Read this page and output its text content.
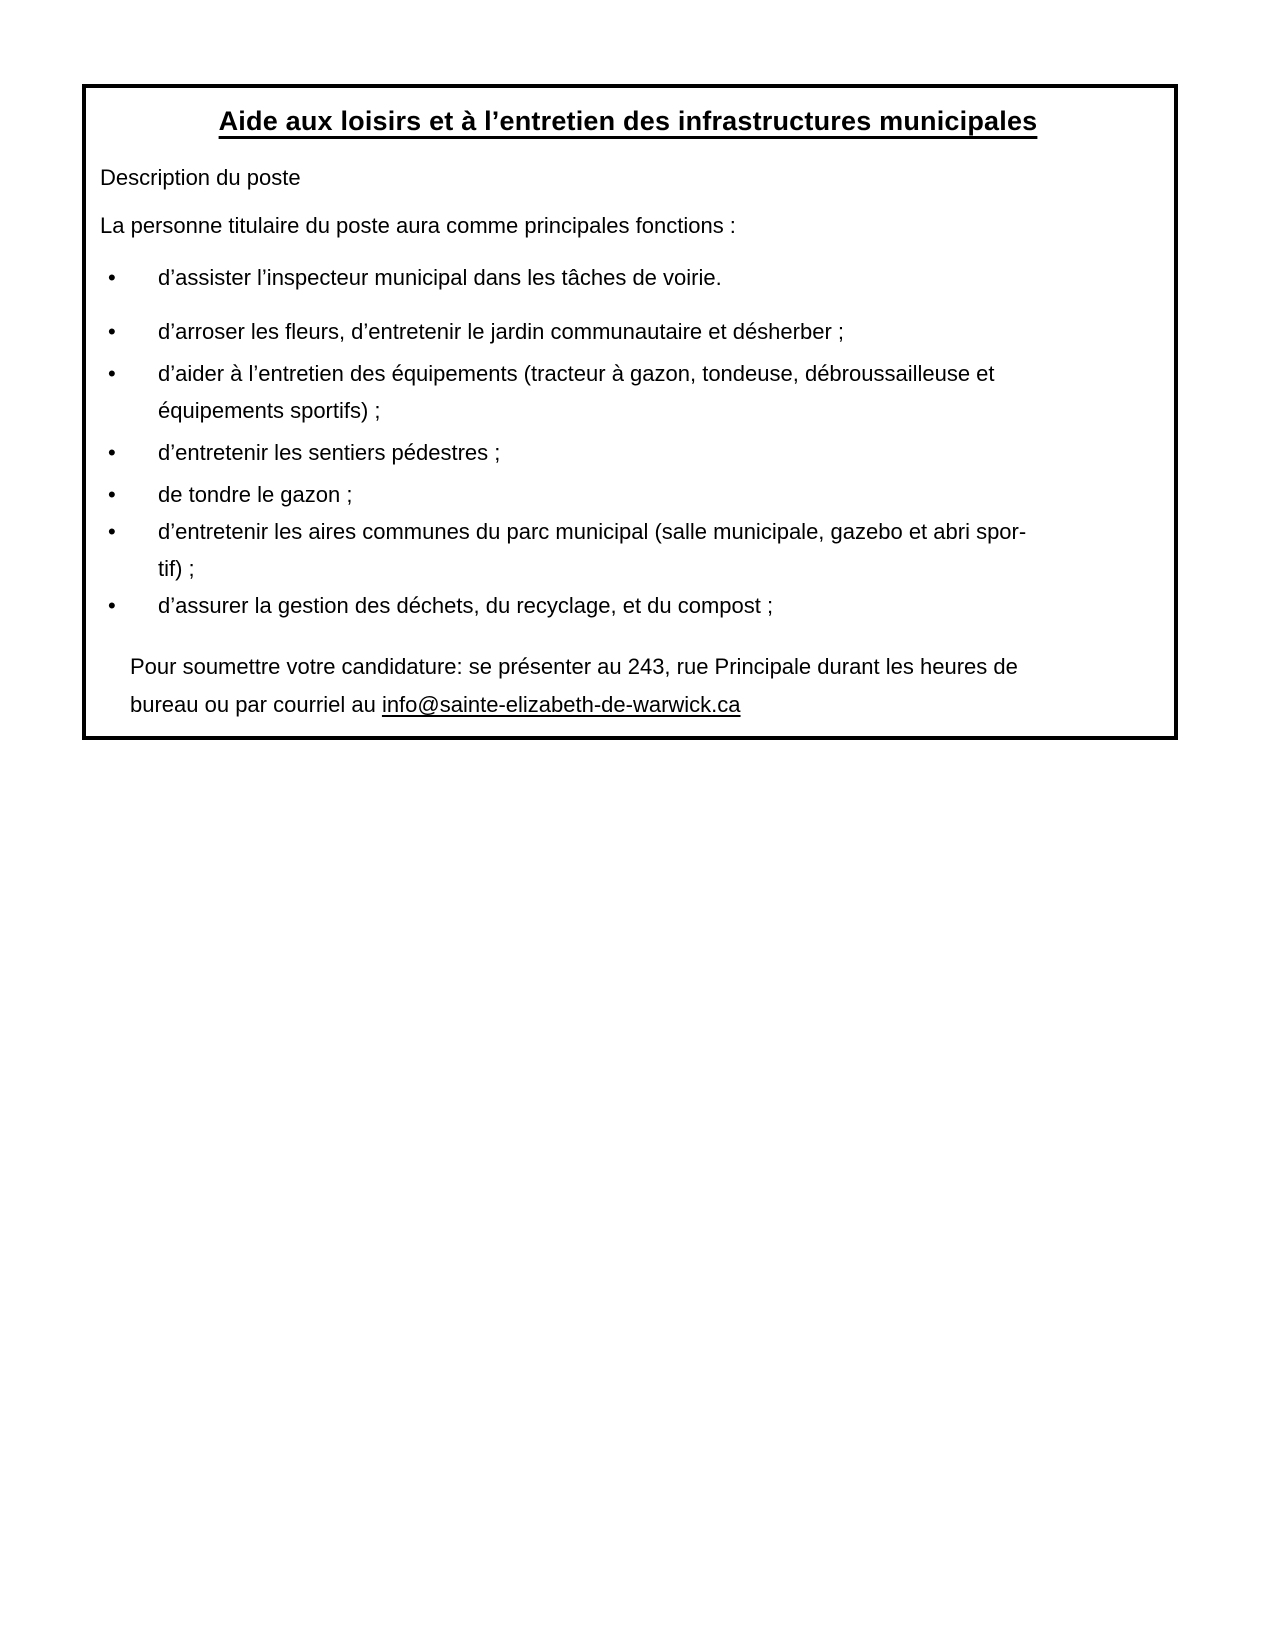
Aide aux loisirs et à l’entretien des infrastructures municipales

Description du poste

La personne titulaire du poste aura comme principales fonctions :

• d’assister l’inspecteur municipal dans les tâches de voirie.
• d’arroser les fleurs, d’entretenir le jardin communautaire et désherber ;
• d’aider à l’entretien des équipements (tracteur à gazon, tondeuse, débroussailleuse et
équipements sportifs) ;
• d’entretenir les sentiers pédestres ;
• de tondre le gazon ;
• d’entretenir les aires communes du parc municipal (salle municipale, gazebo et abri spor-
tif) ;
• d’assurer la gestion des déchets, du recyclage, et du compost ;

Pour soumettre votre candidature: se présenter au 243, rue Principale durant les heures de
bureau ou par courriel au info@sainte-elizabeth-de-warwick.ca
